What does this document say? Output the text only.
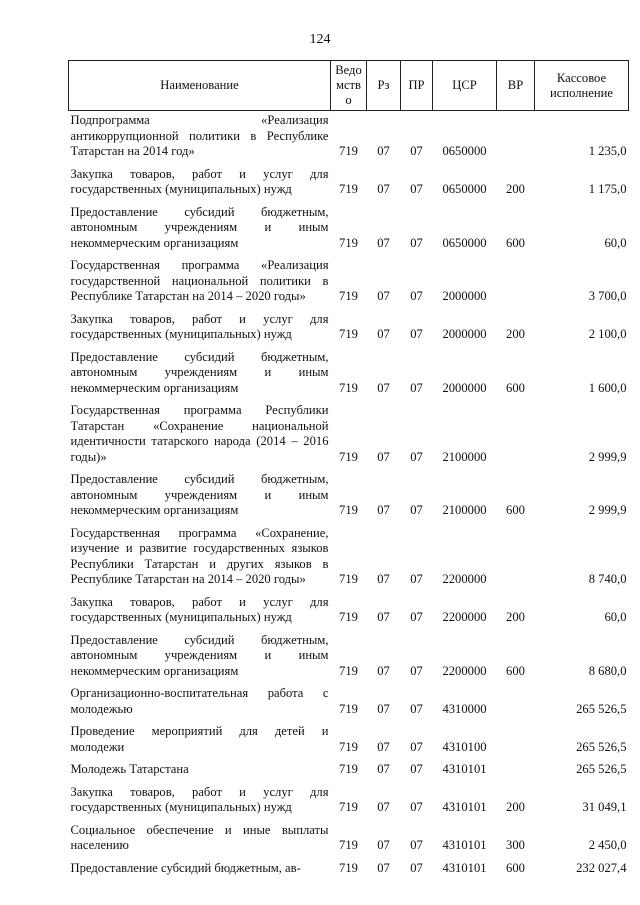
124
Наименование	Ведомство	Рз	ПР	ЦСР	ВР	Кассовое исполнение
Подпрограмма «Реализация антикоррупционной политики в Республике Татарстан на 2014 год»	719	07	07	0650000		1 235,0
Закупка товаров, работ и услуг для государственных (муниципальных) нужд	719	07	07	0650000	200	1 175,0
Предоставление субсидий бюджетным, автономным учреждениям и иным некоммерческим организациям	719	07	07	0650000	600	60,0
Государственная программа «Реализация государственной национальной политики в Республике Татарстан на 2014 – 2020 годы»	719	07	07	2000000		3 700,0
Закупка товаров, работ и услуг для государственных (муниципальных) нужд	719	07	07	2000000	200	2 100,0
Предоставление субсидий бюджетным, автономным учреждениям и иным некоммерческим организациям	719	07	07	2000000	600	1 600,0
Государственная программа Республики Татарстан «Сохранение национальной идентичности татарского народа (2014 – 2016 годы)»	719	07	07	2100000		2 999,9
Предоставление субсидий бюджетным, автономным учреждениям и иным некоммерческим организациям	719	07	07	2100000	600	2 999,9
Государственная программа «Сохранение, изучение и развитие государственных языков Республики Татарстан и других языков в Республике Татарстан на 2014 – 2020 годы»	719	07	07	2200000		8 740,0
Закупка товаров, работ и услуг для государственных (муниципальных) нужд	719	07	07	2200000	200	60,0
Предоставление субсидий бюджетным, автономным учреждениям и иным некоммерческим организациям	719	07	07	2200000	600	8 680,0
Организационно-воспитательная работа с молодежью	719	07	07	4310000		265 526,5
Проведение мероприятий для детей и молодежи	719	07	07	4310100		265 526,5
Молодежь Татарстана	719	07	07	4310101		265 526,5
Закупка товаров, работ и услуг для государственных (муниципальных) нужд	719	07	07	4310101	200	31 049,1
Социальное обеспечение и иные выплаты населению	719	07	07	4310101	300	2 450,0
Предоставление субсидий бюджетным, ав-	719	07	07	4310101	600	232 027,4
